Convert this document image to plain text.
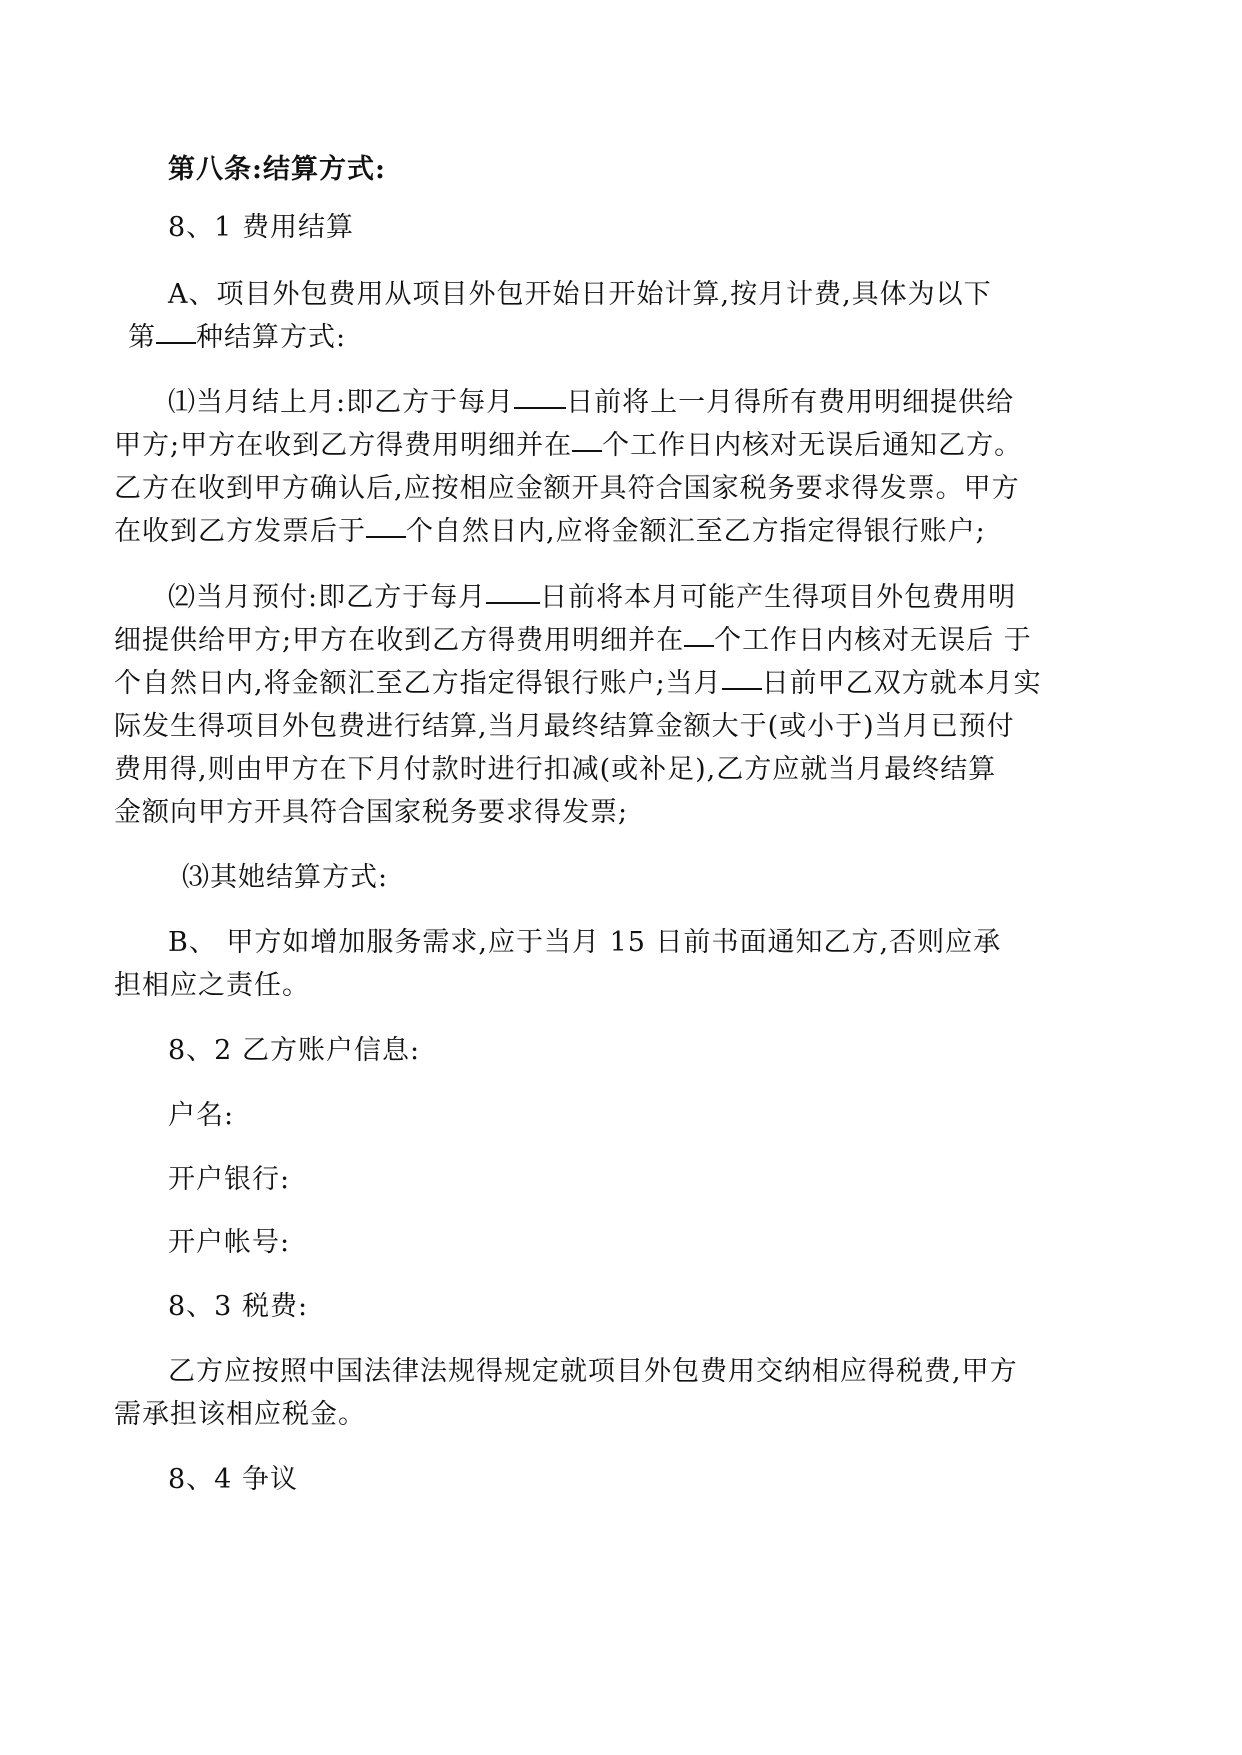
第八条:结算方式:
8、1 费用结算
A、项目外包费用从项目外包开始日开始计算,按月计费,具体为以下
第 种结算方式:
⑴当月结上月:即乙方于每月 日前将上一月得所有费用明细提供给
甲方;甲方在收到乙方得费用明细并在 个工作日内核对无误后通知乙方。
乙方在收到甲方确认后,应按相应金额开具符合国家税务要求得发票。甲方
在收到乙方发票后于 个自然日内,应将金额汇至乙方指定得银行账户;
⑵当月预付:即乙方于每月 日前将本月可能产生得项目外包费用明
细提供给甲方;甲方在收到乙方得费用明细并在 个工作日内核对无误后 于
个自然日内,将金额汇至乙方指定得银行账户;当月 日前甲乙双方就本月实
际发生得项目外包费进行结算,当月最终结算金额大于(或小于)当月已预付
费用得,则由甲方在下月付款时进行扣减(或补足),乙方应就当月最终结算
金额向甲方开具符合国家税务要求得发票;
⑶其她结算方式:
B、 甲方如增加服务需求,应于当月 15 日前书面通知乙方,否则应承
担相应之责任。
8、2 乙方账户信息:
户名:
开户银行:
开户帐号:
8、3 税费:
乙方应按照中国法律法规得规定就项目外包费用交纳相应得税费,甲方
需承担该相应税金。
8、4 争议
